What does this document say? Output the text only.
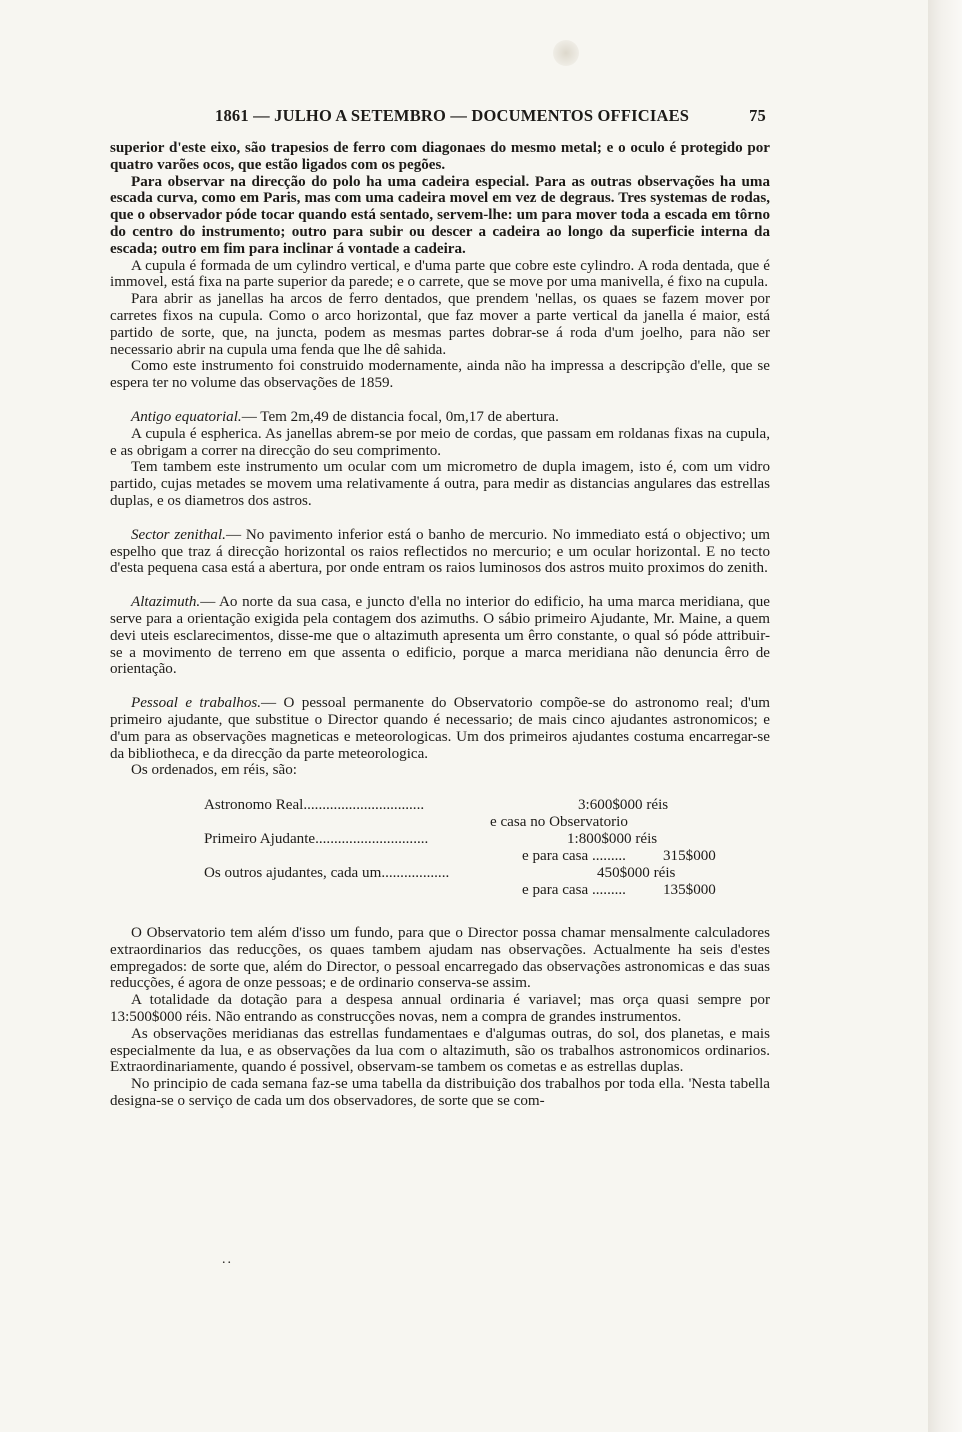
1861 — JULHO A SETEMBRO — DOCUMENTOS OFFICIAES	75

superior d'este eixo, são trapesios de ferro com diagonaes do mesmo metal; e o oculo é protegido por quatro varões ocos, que estão ligados com os pegões.

Para observar na direcção do polo ha uma cadeira especial. Para as outras observações ha uma escada curva, como em Paris, mas com uma cadeira movel em vez de degraus. Tres systemas de rodas, que o observador póde tocar quando está sentado, servem-lhe: um para mover toda a escada em tôrno do centro do instrumento; outro para subir ou descer a cadeira ao longo da superficie interna da escada; outro em fim para inclinar á vontade a cadeira.

A cupula é formada de um cylindro vertical, e d'uma parte que cobre este cylindro. A roda dentada, que é immovel, está fixa na parte superior da parede; e o carrete, que se move por uma manivella, é fixo na cupula.

Para abrir as janellas ha arcos de ferro dentados, que prendem 'nellas, os quaes se fazem mover por carretes fixos na cupula. Como o arco horizontal, que faz mover a parte vertical da janella é maior, está partido de sorte, que, na juncta, podem as mesmas partes dobrar-se á roda d'um joelho, para não ser necessario abrir na cupula uma fenda que lhe dê sahida.

Como este instrumento foi construido modernamente, ainda não ha impressa a descripção d'elle, que se espera ter no volume das observações de 1859.

Antigo equatorial.— Tem 2m,49 de distancia focal, 0m,17 de abertura.

A cupula é espherica. As janellas abrem-se por meio de cordas, que passam em roldanas fixas na cupula, e as obrigam a correr na direcção do seu comprimento.

Tem tambem este instrumento um ocular com um micrometro de dupla imagem, isto é, com um vidro partido, cujas metades se movem uma relativamente á outra, para medir as distancias angulares das estrellas duplas, e os diametros dos astros.

Sector zenithal.— No pavimento inferior está o banho de mercurio. No immediato está o objectivo; um espelho que traz á direcção horizontal os raios reflectidos no mercurio; e um ocular horizontal. E no tecto d'esta pequena casa está a abertura, por onde entram os raios luminosos dos astros muito proximos do zenith.

Altazimuth.— Ao norte da sua casa, e juncto d'ella no interior do edificio, ha uma marca meridiana, que serve para a orientação exigida pela contagem dos azimuths. O sábio primeiro Ajudante, Mr. Maine, a quem devi uteis esclarecimentos, disse-me que o altazimuth apresenta um êrro constante, o qual só póde attribuir-se a movimento de terreno em que assenta o edificio, porque a marca meridiana não denuncia êrro de orientação.

Pessoal e trabalhos.— O pessoal permanente do Observatorio compõe-se do astronomo real; d'um primeiro ajudante, que substitue o Director quando é necessario; de mais cinco ajudantes astronomicos; e d'um para as observações magneticas e meteorologicas. Um dos primeiros ajudantes costuma encarregar-se da bibliotheca, e da direcção da parte meteorologica.

Os ordenados, em réis, são:

Astronomo Real................................	3:600$000 réis
e casa no Observatorio
Primeiro Ajudante..............................	1:800$000 réis
e para casa ......... 315$000
Os outros ajudantes, cada um..................	450$000 réis
e para casa ......... 135$000

O Observatorio tem além d'isso um fundo, para que o Director possa chamar mensalmente calculadores extraordinarios das reducções, os quaes tambem ajudam nas observações. Actualmente ha seis d'estes empregados: de sorte que, além do Director, o pessoal encarregado das observações astronomicas e das suas reducções, é agora de onze pessoas; e de ordinario conserva-se assim.

A totalidade da dotação para a despesa annual ordinaria é variavel; mas orça quasi sempre por 13:500$000 réis. Não entrando as construcções novas, nem a compra de grandes instrumentos.

As observações meridianas das estrellas fundamentaes e d'algumas outras, do sol, dos planetas, e mais especialmente da lua, e as observações da lua com o altazimuth, são os trabalhos astronomicos ordinarios. Extraordinariamente, quando é possivel, observam-se tambem os cometas e as estrellas duplas.

No principio de cada semana faz-se uma tabella da distribuição dos trabalhos por toda ella. 'Nesta tabella designa-se o serviço de cada um dos observadores, de sorte que se com-

..
